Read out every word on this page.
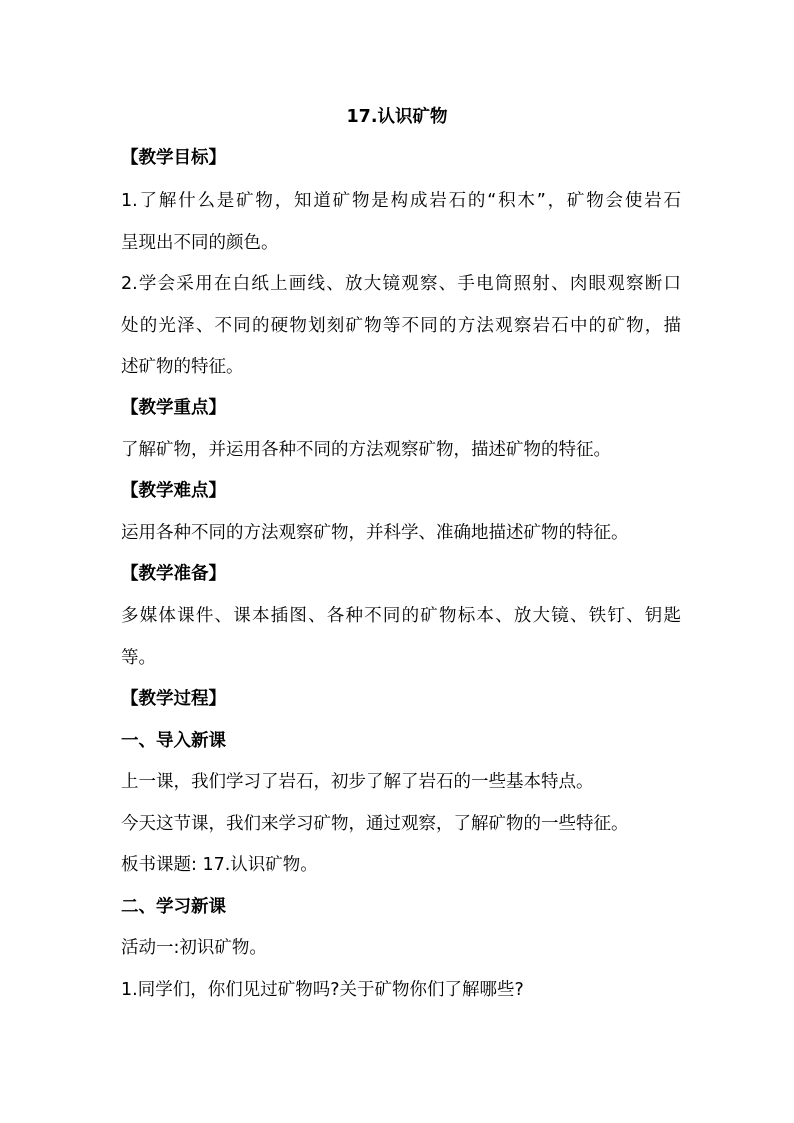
17.认识矿物
【教学目标】
1.了解什么是矿物，知道矿物是构成岩石的“积木”，矿物会使岩石
呈现出不同的颜色。
2.学会采用在白纸上画线、放大镜观察、手电筒照射、肉眼观察断口
处的光泽、不同的硬物划刻矿物等不同的方法观察岩石中的矿物，描
述矿物的特征。
【教学重点】
了解矿物，并运用各种不同的方法观察矿物，描述矿物的特征。
【教学难点】
运用各种不同的方法观察矿物，并科学、准确地描述矿物的特征。
【教学准备】
多媒体课件、课本插图、各种不同的矿物标本、放大镜、铁钉、钥匙
等。
【教学过程】
一、导入新课
上一课，我们学习了岩石，初步了解了岩石的一些基本特点。
今天这节课，我们来学习矿物，通过观察，了解矿物的一些特征。
板书课题: 17.认识矿物。
二、学习新课
活动一:初识矿物。
1.同学们，你们见过矿物吗?关于矿物你们了解哪些?
